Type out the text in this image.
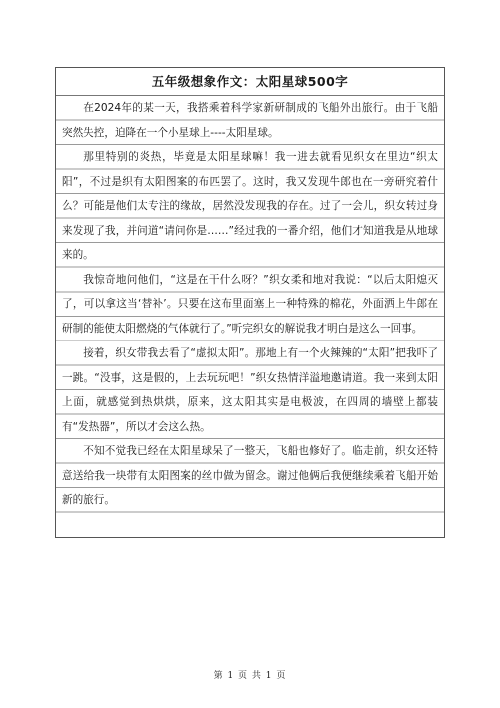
五年级想象作文：太阳星球500字
在2024年的某一天，我搭乘着科学家新研制成的飞船外出旅行。由于飞船突然失控，迫降在一个小星球上----太阳星球。
那里特别的炎热，毕竟是太阳星球嘛！我一进去就看见织女在里边“织太阳”，不过是织有太阳图案的布匹罢了。这时，我又发现牛郎也在一旁研究着什么？可能是他们太专注的缘故，居然没发现我的存在。过了一会儿，织女转过身来发现了我，并问道“请问你是……”经过我的一番介绍，他们才知道我是从地球来的。
我惊奇地问他们，“这是在干什么呀？”织女柔和地对我说：“以后太阳熄灭了，可以拿这当‘替补’。只要在这布里面塞上一种特殊的棉花，外面洒上牛郎在研制的能使太阳燃烧的气体就行了。”听完织女的解说我才明白是这么一回事。
接着，织女带我去看了“虚拟太阳”。那地上有一个火辣辣的“太阳”把我吓了一跳。“没事，这是假的，上去玩玩吧！”织女热情洋溢地邀请道。我一来到太阳上面，就感觉到热烘烘，原来，这太阳其实是电极波，在四周的墙壁上都装有“发热器”，所以才会这么热。
不知不觉我已经在太阳星球呆了一整天，飞船也修好了。临走前，织女还特意送给我一块带有太阳图案的丝巾做为留念。谢过他俩后我便继续乘着飞船开始新的旅行。
第 1 页 共 1 页
